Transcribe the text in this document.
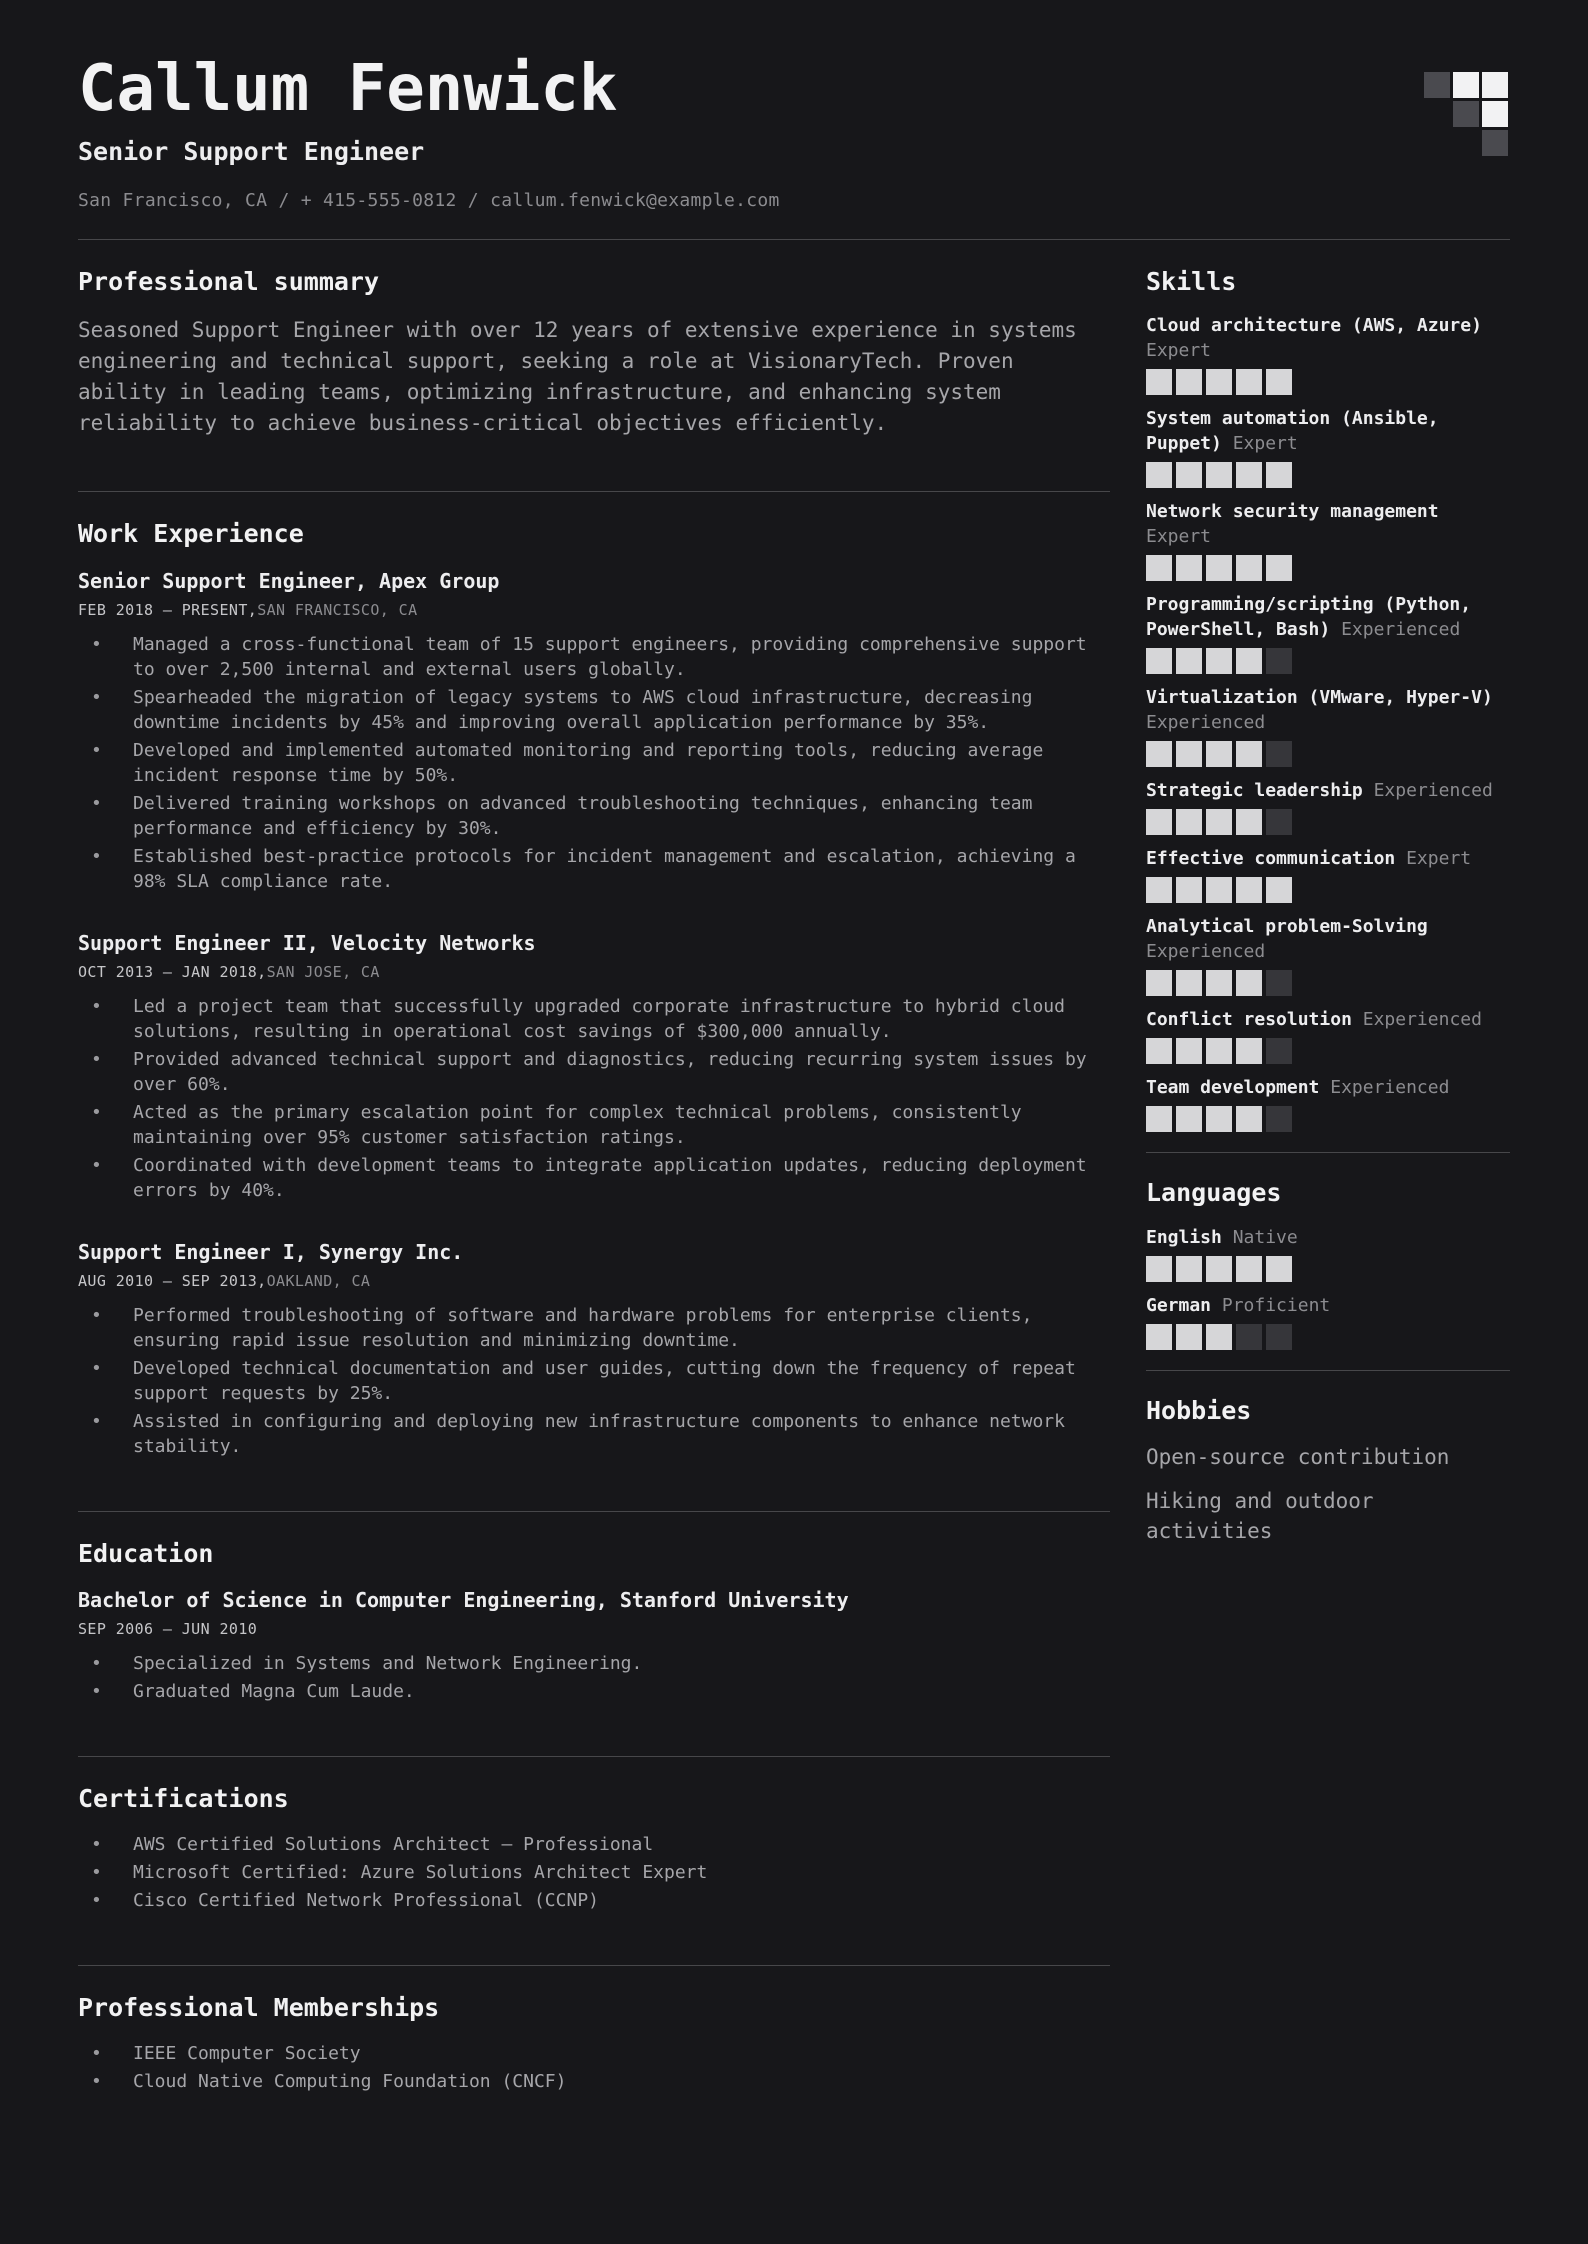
Callum Fenwick
Senior Support Engineer
San Francisco, CA / + 415-555-0812 / callum.fenwick@example.com
Professional summary

Seasoned Support Engineer with over 12 years of extensive experience in systems engineering and technical support, seeking a role at VisionaryTech. Proven ability in leading teams, optimizing infrastructure, and enhancing system reliability to achieve business-critical objectives efficiently.

Work Experience
Senior Support Engineer, Apex Group
FEB 2018 – PRESENT,SAN FRANCISCO, CA
•	Managed a cross-functional team of 15 support engineers, providing comprehensive support to over 2,500 internal and external users globally.
•	Spearheaded the migration of legacy systems to AWS cloud infrastructure, decreasing downtime incidents by 45% and improving overall application performance by 35%.
•	Developed and implemented automated monitoring and reporting tools, reducing average incident response time by 50%.
•	Delivered training workshops on advanced troubleshooting techniques, enhancing team performance and efficiency by 30%.
•	Established best-practice protocols for incident management and escalation, achieving a 98% SLA compliance rate.
Support Engineer II, Velocity Networks
OCT 2013 – JAN 2018,SAN JOSE, CA
•	Led a project team that successfully upgraded corporate infrastructure to hybrid cloud solutions, resulting in operational cost savings of $300,000 annually.
•	Provided advanced technical support and diagnostics, reducing recurring system issues by over 60%.
•	Acted as the primary escalation point for complex technical problems, consistently maintaining over 95% customer satisfaction ratings.
•	Coordinated with development teams to integrate application updates, reducing deployment errors by 40%.
Support Engineer I, Synergy Inc.
AUG 2010 – SEP 2013,OAKLAND, CA
•	Performed troubleshooting of software and hardware problems for enterprise clients, ensuring rapid issue resolution and minimizing downtime.
•	Developed technical documentation and user guides, cutting down the frequency of repeat support requests by 25%.
•	Assisted in configuring and deploying new infrastructure components to enhance network stability.
Education
Bachelor of Science in Computer Engineering, Stanford University
SEP 2006 – JUN 2010
•	Specialized in Systems and Network Engineering.
•	Graduated Magna Cum Laude.
Certifications
•	AWS Certified Solutions Architect – Professional
•	Microsoft Certified: Azure Solutions Architect Expert
•	Cisco Certified Network Professional (CCNP)
Professional Memberships
•	IEEE Computer Society
•	Cloud Native Computing Foundation (CNCF)
Skills
Cloud architecture (AWS, Azure) Expert
System automation (Ansible, Puppet) Expert
Network security management Expert
Programming/scripting (Python, PowerShell, Bash) Experienced
Virtualization (VMware, Hyper-V) Experienced
Strategic leadership Experienced
Effective communication Expert
Analytical problem-Solving Experienced
Conflict resolution Experienced
Team development Experienced
Languages
English Native
German Proficient
Hobbies
Open-source contribution
Hiking and outdoor activities
